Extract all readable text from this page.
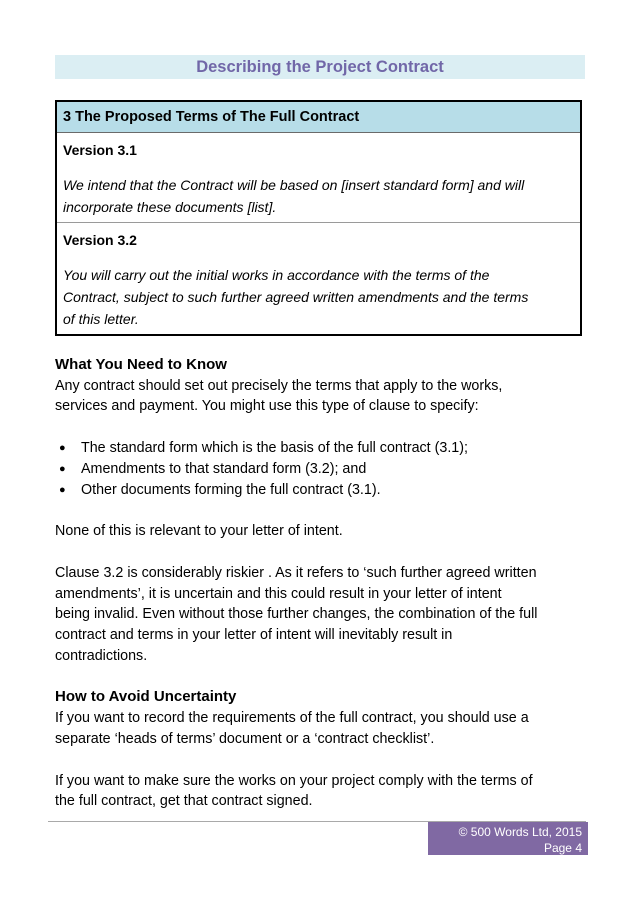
Describing the Project Contract
3 The Proposed Terms of The Full Contract
Version 3.1
We intend that the Contract will be based on [insert standard form] and will
incorporate these documents [list].
Version 3.2
You will carry out the initial works in accordance with the terms of the
Contract, subject to such further agreed written amendments and the terms
of this letter.
What You Need to Know

Any contract should set out precisely the terms that apply to the works,

services and payment. You might use this type of clause to specify:

●	The standard form which is the basis of the full contract (3.1);
●	Amendments to that standard form (3.2); and
●	Other documents forming the full contract (3.1).

None of this is relevant to your letter of intent.

Clause 3.2 is considerably riskier . As it refers to ‘such further agreed written

amendments’, it is uncertain and this could result in your letter of intent

being invalid. Even without those further changes, the combination of the full

contract and terms in your letter of intent will inevitably result in

contradictions.

How to Avoid Uncertainty

If you want to record the requirements of the full contract, you should use a

separate ‘heads of terms’ document or a ‘contract checklist’.

If you want to make sure the works on your project comply with the terms of

the full contract, get that contract signed.

© 500 Words Ltd, 2015
Page 4
